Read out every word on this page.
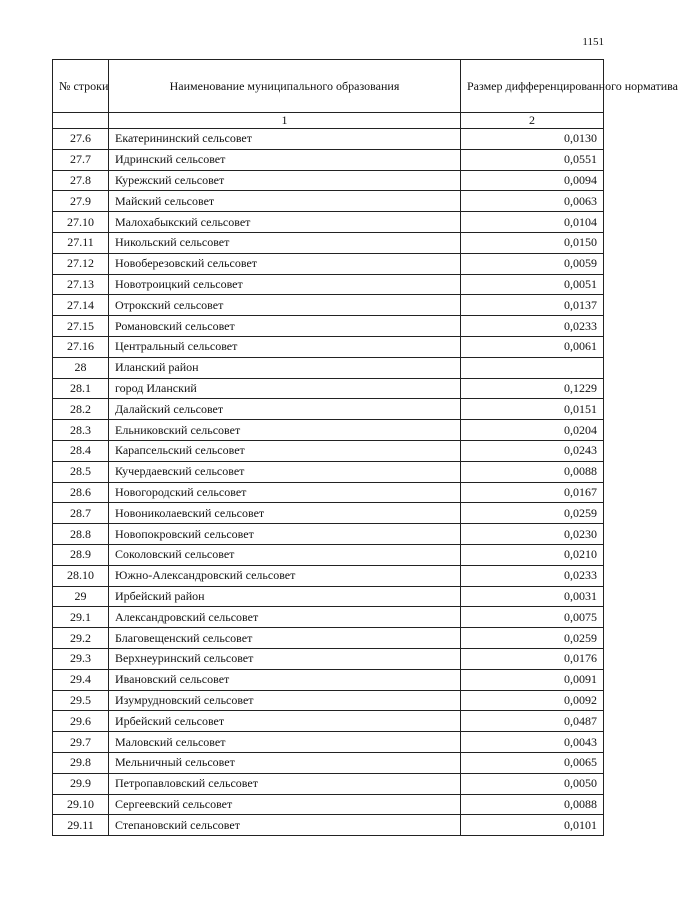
1151
№ строки	Наименование муниципального образования	Размер дифференцированного норматива
	1	2
27.6	Екатерининский сельсовет	0,0130
27.7	Идринский сельсовет	0,0551
27.8	Курежский сельсовет	0,0094
27.9	Майский сельсовет	0,0063
27.10	Малохабыкский сельсовет	0,0104
27.11	Никольский сельсовет	0,0150
27.12	Новоберезовский сельсовет	0,0059
27.13	Новотроицкий сельсовет	0,0051
27.14	Отрокский сельсовет	0,0137
27.15	Романовский сельсовет	0,0233
27.16	Центральный сельсовет	0,0061
28	Иланский район	
28.1	город Иланский	0,1229
28.2	Далайский сельсовет	0,0151
28.3	Ельниковский сельсовет	0,0204
28.4	Карапсельский сельсовет	0,0243
28.5	Кучердаевский сельсовет	0,0088
28.6	Новогородский сельсовет	0,0167
28.7	Новониколаевский сельсовет	0,0259
28.8	Новопокровский сельсовет	0,0230
28.9	Соколовский сельсовет	0,0210
28.10	Южно-Александровский сельсовет	0,0233
29	Ирбейский район	0,0031
29.1	Александровский сельсовет	0,0075
29.2	Благовещенский сельсовет	0,0259
29.3	Верхнеуринский сельсовет	0,0176
29.4	Ивановский сельсовет	0,0091
29.5	Изумрудновский сельсовет	0,0092
29.6	Ирбейский сельсовет	0,0487
29.7	Маловский сельсовет	0,0043
29.8	Мельничный сельсовет	0,0065
29.9	Петропавловский сельсовет	0,0050
29.10	Сергеевский сельсовет	0,0088
29.11	Степановский сельсовет	0,0101
